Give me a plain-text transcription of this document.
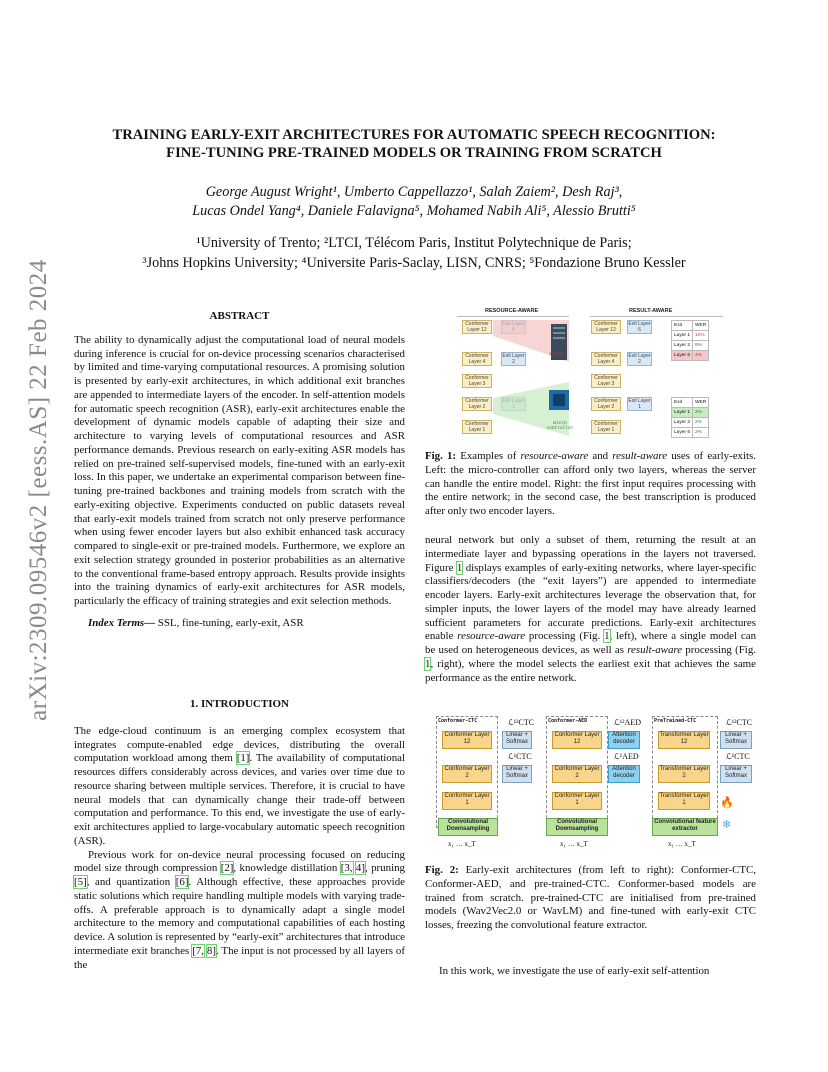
arXiv:2309.09546v2 [eess.AS] 22 Feb 2024
TRAINING EARLY-EXIT ARCHITECTURES FOR AUTOMATIC SPEECH RECOGNITION:
FINE-TUNING PRE-TRAINED MODELS OR TRAINING FROM SCRATCH
George August Wright¹, Umberto Cappellazzo¹, Salah Zaiem², Desh Raj³,
Lucas Ondel Yang⁴, Daniele Falavigna⁵, Mohamed Nabih Ali⁵, Alessio Brutti⁵
¹University of Trento; ²LTCI, Télécom Paris, Institut Polytechnique de Paris;
³Johns Hopkins University; ⁴Universite Paris-Saclay, LISN, CNRS; ⁵Fondazione Bruno Kessler
ABSTRACT

The ability to dynamically adjust the computational load of neural models during inference is crucial for on-device processing scenarios characterised by limited and time-varying computational resources. A promising solution is presented by early-exit architectures, in which additional exit branches are appended to intermediate layers of the encoder. In self-attention models for automatic speech recognition (ASR), early-exit architectures enable the development of dynamic models capable of adapting their size and architecture to varying levels of computational resources and ASR performance demands. Previous research on early-exiting ASR models has relied on pre-trained self-supervised models, fine-tuned with an early-exit loss. In this paper, we undertake an experimental comparison between fine-tuning pre-trained backbones and training models from scratch with the early-exiting objective. Experiments conducted on public datasets reveal that early-exit models trained from scratch not only preserve performance when using fewer encoder layers but also exhibit enhanced task accuracy compared to single-exit or pre-trained models. Furthermore, we explore an exit selection strategy grounded in posterior probabilities as an alternative to the conventional frame-based entropy approach. Results provide insights into the training dynamics of early-exit architectures for ASR models, particularly the efficacy of training strategies and exit selection methods.

Index Terms— SSL, fine-tuning, early-exit, ASR

1. INTRODUCTION

The edge-cloud continuum is an emerging complex ecosystem that integrates compute-enabled edge devices, distributing the overall computation workload among them [1]. The availability of computational resources differs considerably across devices, and varies over time due to resource sharing between multiple services. Therefore, it is crucial to have neural models that can dynamically change their trade-off between computation and performance. To this end, we investigate the use of early-exit architectures applied to large-vocabulary automatic speech recognition (ASR).

Previous work for on-device neural processing focused on reducing model size through compression [2], knowledge distillation [3, 4], pruning [5], and quantization [6]. Although effective, these approaches provide static solutions which require handling multiple models with varying trade-offs. A preferable approach is to dynamically adapt a single model architecture to the memory and computational capabilities of each hosting device. A solution is represented by “early-exit” architectures that introduce intermediate exit branches [7, 8]. The input is not processed by all layers of the

RESOURCE-AWARE	RESULT-AWARE
Conformer Layer 12
Conformer Layer 4
Conformer Layer 3
Conformer Layer 2
Conformer Layer 1
Exit Layer 2
server
micro controller
Conformer Layer 12
Conformer Layer 4
Conformer Layer 3
Conformer Layer 2
Conformer Layer 1
Exit Layer 6
Exit Layer 2
Exit Layer 1
Exit	WER
Layer 1	10%
Layer 2	8%
Layer 6	4%
Exit	WER
Layer 1	2%
Layer 2	2%
Layer 6	2%

Fig. 1: Examples of resource-aware and result-aware uses of early-exits. Left: the micro-controller can afford only two layers, whereas the server can handle the entire model. Right: the first input requires processing with the entire network; in the second case, the best transcription is produced after only two encoder layers.

neural network but only a subset of them, returning the result at an intermediate layer and bypassing operations in the layers not traversed. Figure 1 displays examples of early-exiting networks, where layer-specific classifiers/decoders (the “exit layers”) are appended to intermediate encoder layers. Early-exit architectures leverage the observation that, for simpler inputs, the lower layers of the model may have already learned sufficient parameters for accurate predictions. Early-exit architectures enable resource-aware processing (Fig. 1, left), where a single model can be used on heterogeneous devices, as well as result-aware processing (Fig. 1, right), where the model selects the earliest exit that achieves the same performance as the entire network.

Conformer-CTC
Conformer Layer 12
Conformer Layer 2
Conformer Layer 1
Convolutional Downsampling
Linear + Softmax
Linear + Softmax
ℒ¹²CTC
ℒ¹CTC
x₁ … x_T
Conformer-AED
Conformer Layer 12
Conformer Layer 2
Conformer Layer 1
Convolutional Downsampling
Attention decoder
Attention decoder
ℒ¹²AED
ℒ¹AED
x₁ … x_T
PreTrained-CTC
Transformer Layer 12
Transformer Layer 2
Transformer Layer 1
Convolutional feature extractor
Linear + Softmax
Linear + Softmax
ℒ¹²CTC
ℒ¹CTC
🔥
❄
x₁ … x_T

Fig. 2: Early-exit architectures (from left to right): Conformer-CTC, Conformer-AED, and pre-trained-CTC. Conformer-based models are trained from scratch. pre-trained-CTC are initialised from pre-trained models (Wav2Vec2.0 or WavLM) and fine-tuned with early-exit CTC losses, freezing the convolutional feature extractor.

In this work, we investigate the use of early-exit self-attention
